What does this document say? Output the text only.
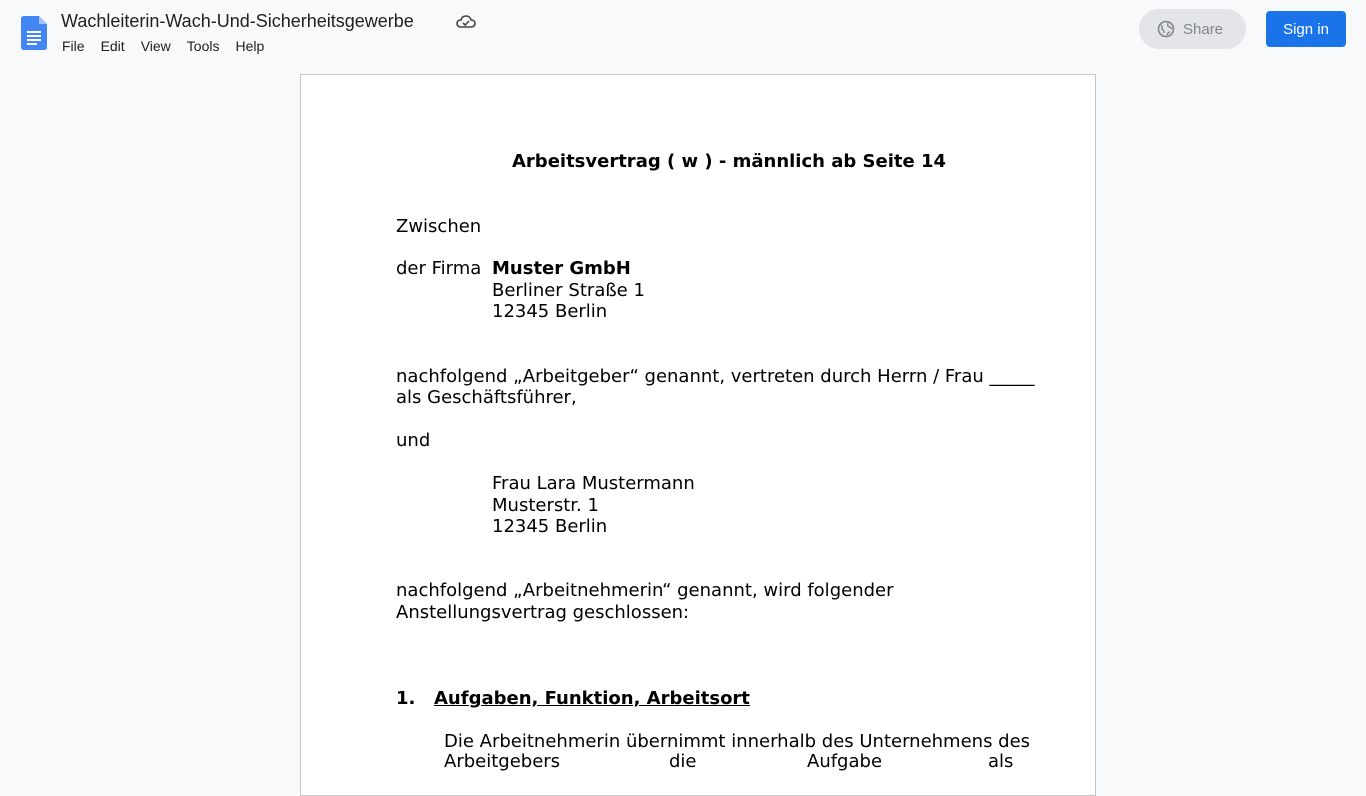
Wachleiterin-Wach-Und-Sicherheitsgewerbe
File	Edit	View	Tools	Help
Share	Sign in
Arbeitsvertrag ( w ) - männlich ab Seite 14
Zwischen
der Firma Muster GmbH
Berliner Straße 1
12345 Berlin
nachfolgend „Arbeitgeber“ genannt, vertreten durch Herrn / Frau _____
als Geschäftsführer,
und
Frau Lara Mustermann
Musterstr. 1
12345 Berlin
nachfolgend „Arbeitnehmerin“ genannt, wird folgender
Anstellungsvertrag geschlossen:
1. Aufgaben, Funktion, Arbeitsort
Die Arbeitnehmerin übernimmt innerhalb des Unternehmens des
Arbeitgebers	die	Aufgabe	als
